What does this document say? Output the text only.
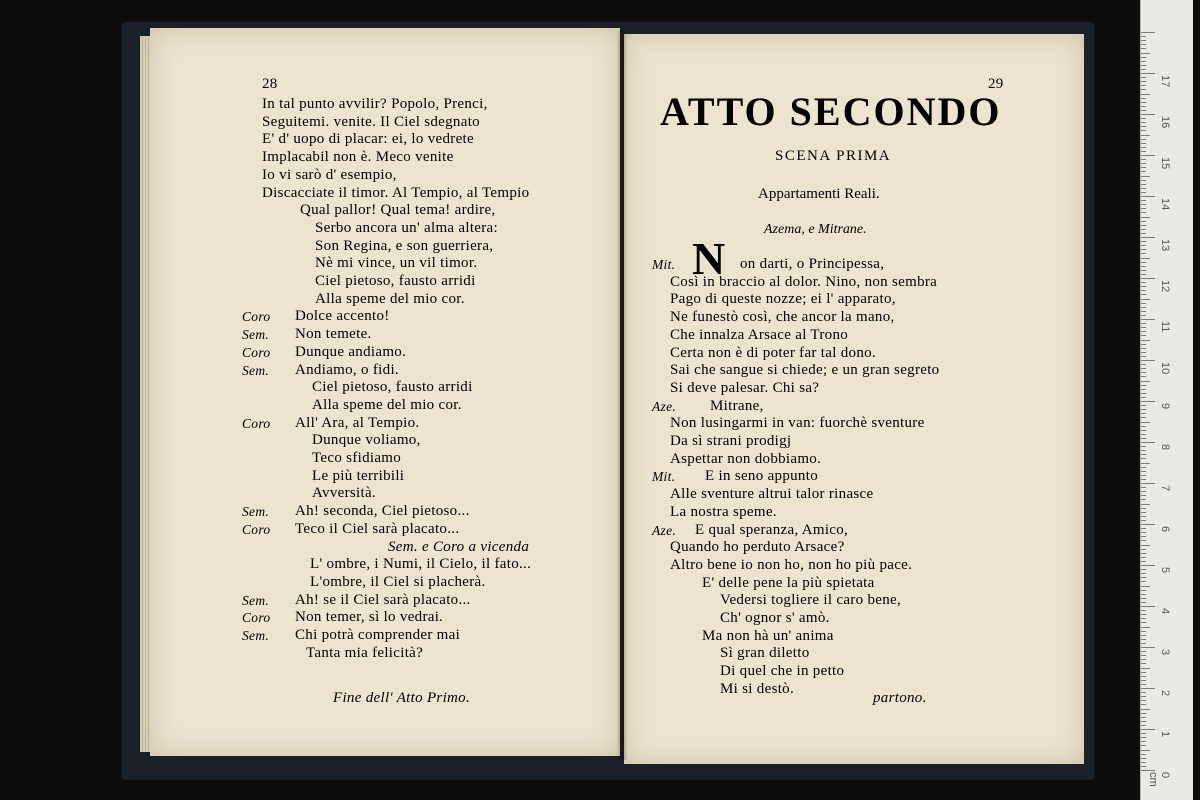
28
In tal punto avvilir? Popolo, Prenci,
Seguitemi. venite. Il Ciel sdegnato
E' d' uopo di placar: ei, lo vedrete
Implacabil non è. Meco venite
Io vi sarò d' esempio,
Discacciate il timor. Al Tempio, al Tempio
Qual pallor! Qual tema! ardire,
Serbo ancora un' alma altera:
Son Regina, e son guerriera,
Nè mi vince, un vil timor.
Ciel pietoso, fausto arridi
Alla speme del mio cor.
Coro Dolce accento!
Sem. Non temete.
Coro Dunque andiamo.
Sem. Andiamo, o fidi.
Ciel pietoso, fausto arridi
Alla speme del mio cor.
Coro All' Ara, al Tempio.
Dunque voliamo,
Teco sfidiamo
Le più terribili
Avversità.
Sem. Ah! seconda, Ciel pietoso...
Coro Teco il Ciel sarà placato...
Sem. e Coro a vicenda
L' ombre, i Numi, il Cielo, il fato...
L'ombre, il Ciel si placherà.
Sem. Ah! se il Ciel sarà placato...
Coro Non temer, sì lo vedrai.
Sem. Chi potrà comprender mai
Tanta mia felicità?
Fine dell' Atto Primo.
29
ATTO SECONDO
SCENA PRIMA
Appartamenti Reali.
Azema, e Mitrane.
N
Mit.	on darti, o Principessa,
Così in braccio al dolor. Nino, non sembra
Pago di queste nozze; ei l' apparato,
Ne funestò così, che ancor la mano,
Che innalza Arsace al Trono
Certa non è di poter far tal dono.
Sai che sangue si chiede; e un gran segreto
Si deve palesar. Chi sa?
Aze. Mitrane,
Non lusingarmi in van: fuorchè sventure
Da sì strani prodigj
Aspettar non dobbiamo.
Mit. E in seno appunto
Alle sventure altrui talor rinasce
La nostra speme.
Aze. E qual speranza, Amico,
Quando ho perduto Arsace?
Altro bene io non ho, non ho più pace.
E' delle pene la più spietata
Vedersi togliere il caro bene,
Ch' ognor s' amò.
Ma non hà un' anima
Sì gran diletto
Di quel che in petto
Mi si destò.
partono.
17
16
15
14
13
12
11
10
9
8
7
6
5
4
3
2
1
0 cm
